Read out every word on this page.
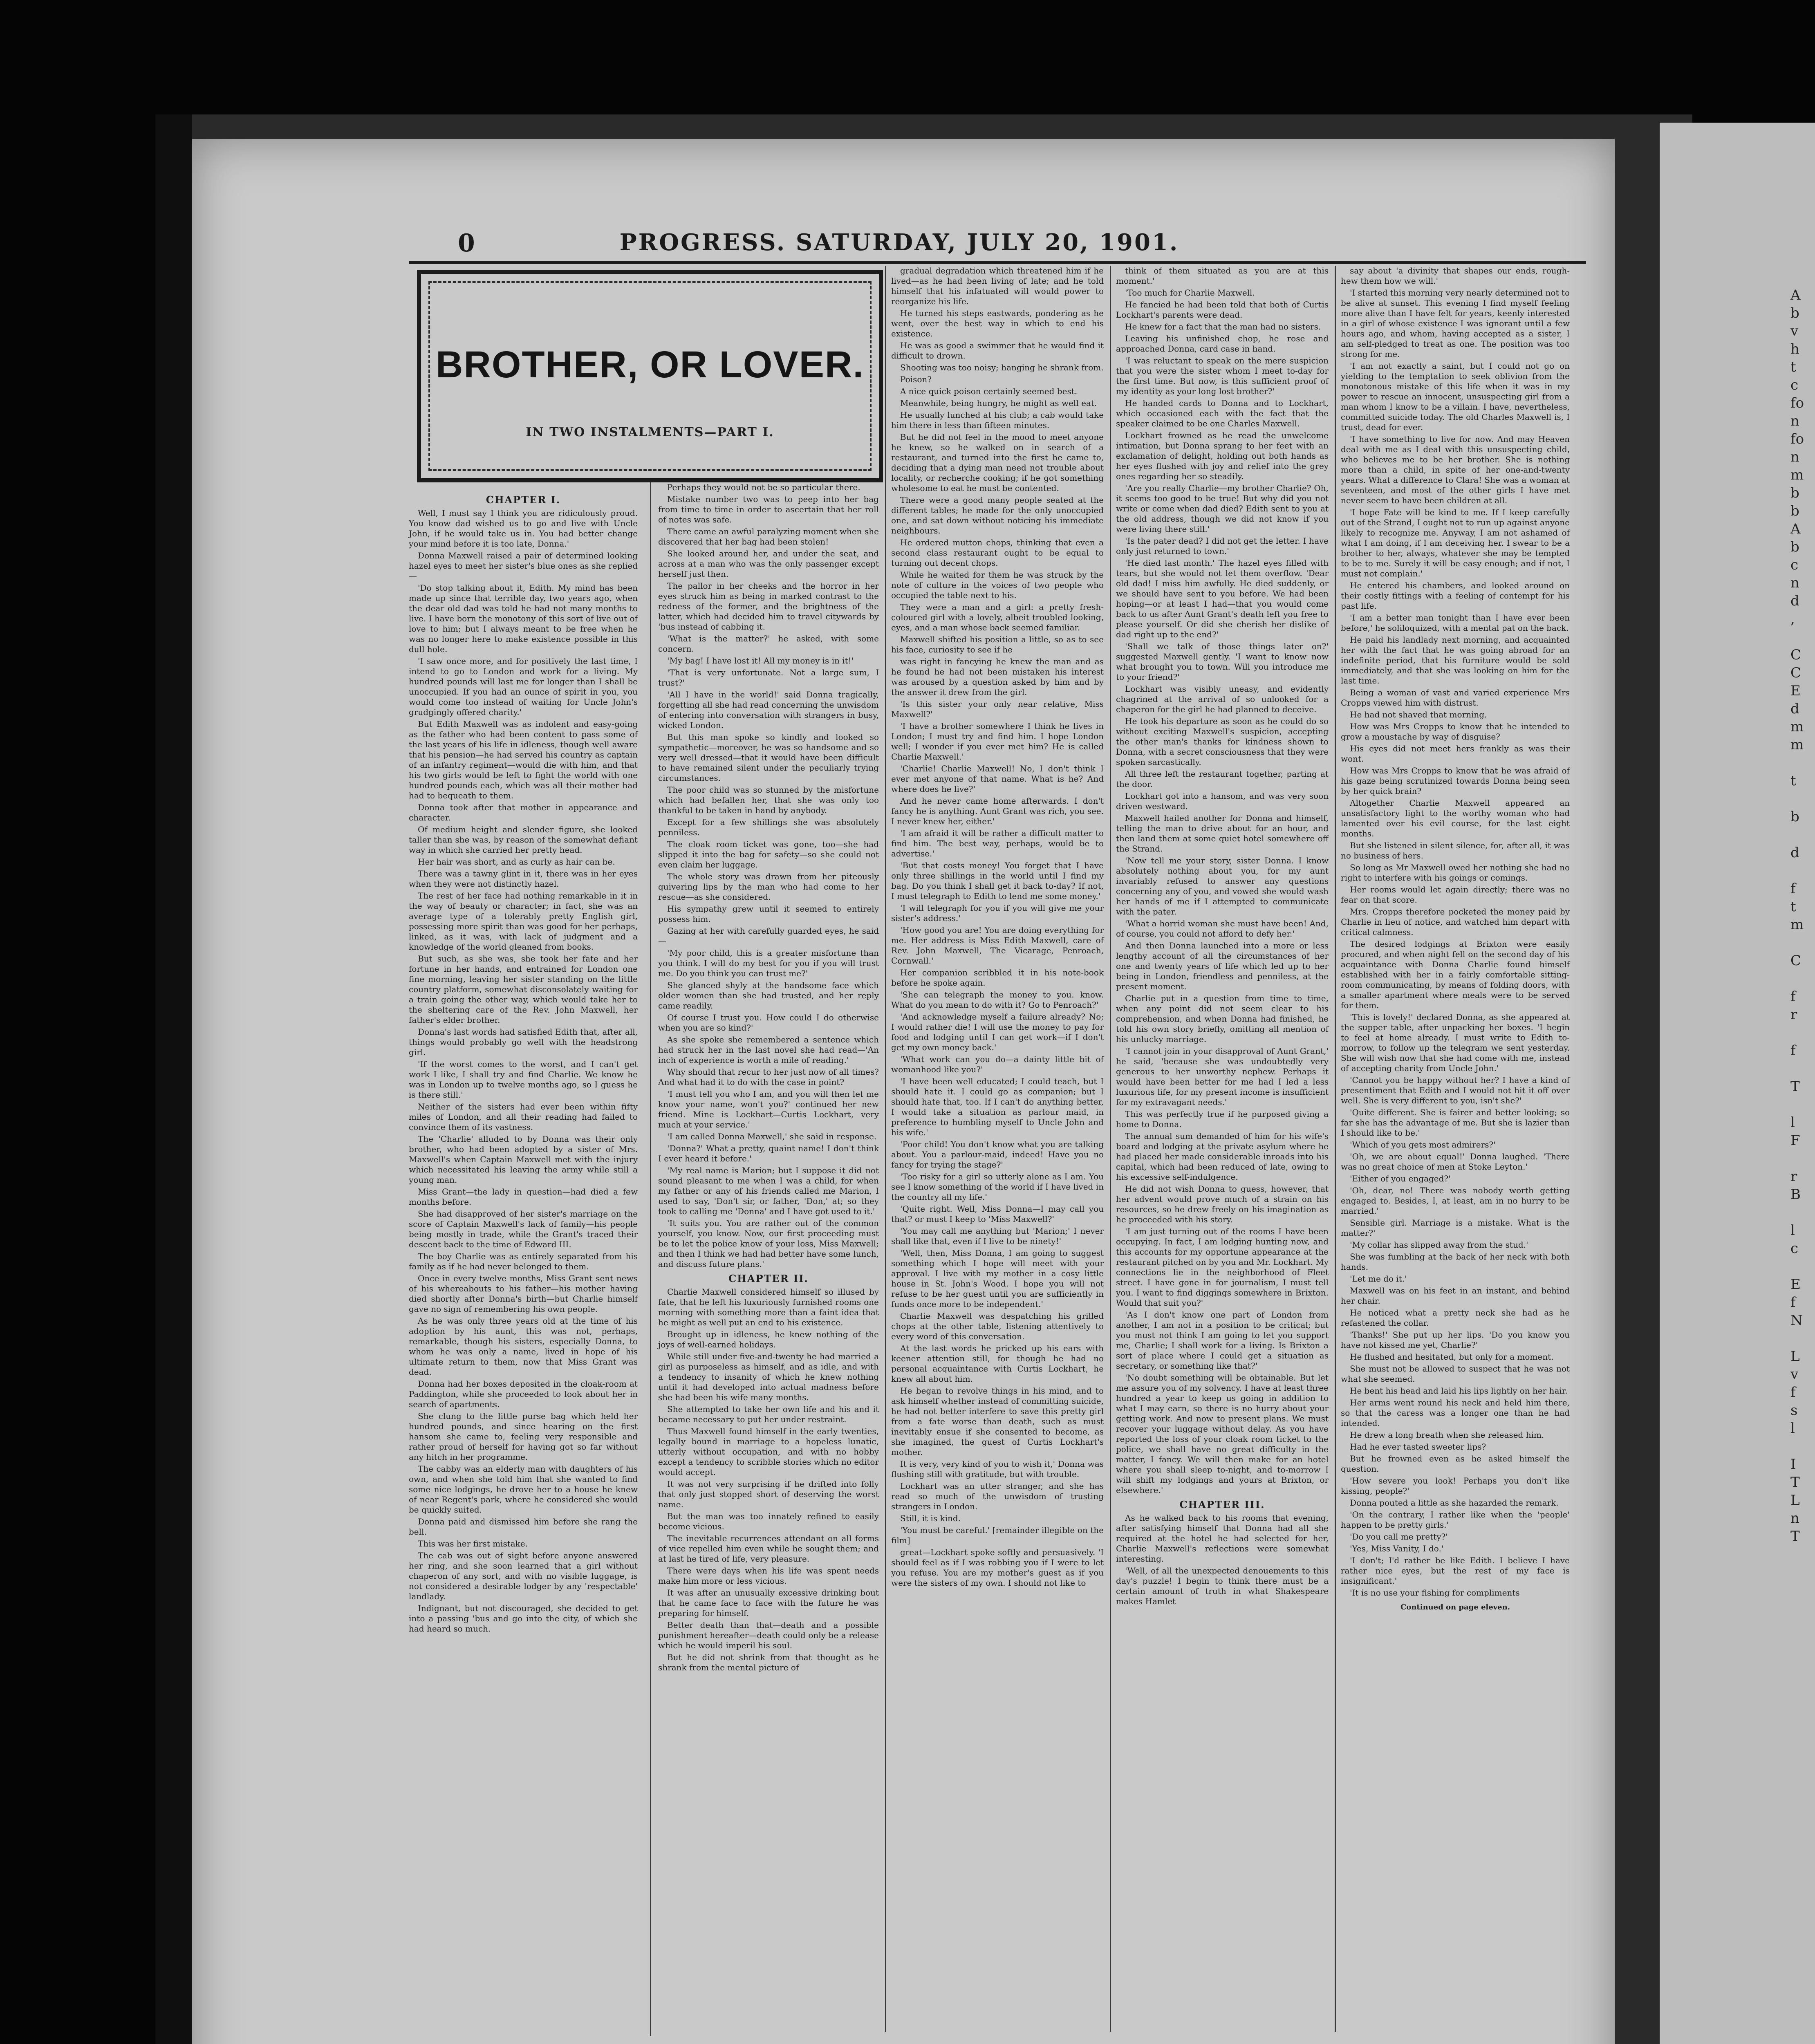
A
b
v
h
t
c
fo
n
fo
n
m
b
b
A
b
c
n
d
,

C
C
E
d
m
m

t

b

d

f
t
m

C

f
r

f

T

l
F

r
B

l
c

E
f
N

L
v
f
s
l

I
T
L
n
T
0	PROGRESS. SATURDAY, JULY 20, 1901.
BROTHER, OR LOVER.
IN TWO INSTALMENTS—PART I.
CHAPTER I.

Well, I must say I think you are ridiculously proud. You know dad wished us to go and live with Uncle John, if he would take us in. You had better change your mind before it is too late, Donna.'

Donna Maxwell raised a pair of determined looking hazel eyes to meet her sister's blue ones as she replied—

'Do stop talking about it, Edith. My mind has been made up since that terrible day, two years ago, when the dear old dad was told he had not many months to live. I have born the monotony of this sort of live out of love to him; but I always meant to be free when he was no longer here to make existence possible in this dull hole.

'I saw once more, and for positively the last time, I intend to go to London and work for a living. My hundred pounds will last me for longer than I shall be unoccupied. If you had an ounce of spirit in you, you would come too instead of waiting for Uncle John's grudgingly offered charity.'

But Edith Maxwell was as indolent and easy-going as the father who had been content to pass some of the last years of his life in idleness, though well aware that his pension—he had served his country as captain of an infantry regiment—would die with him, and that his two girls would be left to fight the world with one hundred pounds each, which was all their mother had had to bequeath to them.

Donna took after that mother in appearance and character.

Of medium height and slender figure, she looked taller than she was, by reason of the somewhat defiant way in which she carried her pretty head.

Her hair was short, and as curly as hair can be.

There was a tawny glint in it, there was in her eyes when they were not distinctly hazel.

The rest of her face had nothing remarkable in it in the way of beauty or character; in fact, she was an average type of a tolerably pretty English girl, possessing more spirit than was good for her perhaps, linked, as it was, with lack of judgment and a knowledge of the world gleaned from books.

But such, as she was, she took her fate and her fortune in her hands, and entrained for London one fine morning, leaving her sister standing on the little country platform, somewhat disconsolately waiting for a train going the other way, which would take her to the sheltering care of the Rev. John Maxwell, her father's elder brother.

Donna's last words had satisfied Edith that, after all, things would probably go well with the headstrong girl.

'If the worst comes to the worst, and I can't get work I like, I shall try and find Charlie. We know he was in London up to twelve months ago, so I guess he is there still.'

Neither of the sisters had ever been within fifty miles of London, and all their reading had failed to convince them of its vastness.

The 'Charlie' alluded to by Donna was their only brother, who had been adopted by a sister of Mrs. Maxwell's when Captain Maxwell met with the injury which necessitated his leaving the army while still a young man.

Miss Grant—the lady in question—had died a few months before.

She had disapproved of her sister's marriage on the score of Captain Maxwell's lack of family—his people being mostly in trade, while the Grant's traced their descent back to the time of Edward III.

The boy Charlie was as entirely separated from his family as if he had never belonged to them.

Once in every twelve months, Miss Grant sent news of his whereabouts to his father—his mother having died shortly after Donna's birth—but Charlie himself gave no sign of remembering his own people.

As he was only three years old at the time of his adoption by his aunt, this was not, perhaps, remarkable, though his sisters, especially Donna, to whom he was only a name, lived in hope of his ultimate return to them, now that Miss Grant was dead.

Donna had her boxes deposited in the cloak-room at Paddington, while she proceeded to look about her in search of apartments.

She clung to the little purse bag which held her hundred pounds, and since hearing on the first hansom she came to, feeling very responsible and rather proud of herself for having got so far without any hitch in her programme.

The cabby was an elderly man with daughters of his own, and when she told him that she wanted to find some nice lodgings, he drove her to a house he knew of near Regent's park, where he considered she would be quickly suited.

Donna paid and dismissed him before she rang the bell.

This was her first mistake.

The cab was out of sight before anyone answered her ring, and she soon learned that a girl without chaperon of any sort, and with no visible luggage, is not considered a desirable lodger by any 'respectable' landlady.

Indignant, but not discouraged, she decided to get into a passing 'bus and go into the city, of which she had heard so much.

Perhaps they would not be so particular there.

Mistake number two was to peep into her bag from time to time in order to ascertain that her roll of notes was safe.

There came an awful paralyzing moment when she discovered that her bag had been stolen!

She looked around her, and under the seat, and across at a man who was the only passenger except herself just then.

The pallor in her cheeks and the horror in her eyes struck him as being in marked contrast to the redness of the former, and the brightness of the latter, which had decided him to travel citywards by 'bus instead of cabbing it.

'What is the matter?' he asked, with some concern.

'My bag! I have lost it! All my money is in it!'

'That is very unfortunate. Not a large sum, I trust?'

'All I have in the world!' said Donna tragically, forgetting all she had read concerning the unwisdom of entering into conversation with strangers in busy, wicked London.

But this man spoke so kindly and looked so sympathetic—moreover, he was so handsome and so very well dressed—that it would have been difficult to have remained silent under the peculiarly trying circumstances.

The poor child was so stunned by the misfortune which had befallen her, that she was only too thankful to be taken in hand by anybody.

Except for a few shillings she was absolutely penniless.

The cloak room ticket was gone, too—she had slipped it into the bag for safety—so she could not even claim her luggage.

The whole story was drawn from her piteously quivering lips by the man who had come to her rescue—as she considered.

His sympathy grew until it seemed to entirely possess him.

Gazing at her with carefully guarded eyes, he said—

'My poor child, this is a greater misfortune than you think. I will do my best for you if you will trust me. Do you think you can trust me?'

She glanced shyly at the handsome face which older women than she had trusted, and her reply came readily.

Of course I trust you. How could I do otherwise when you are so kind?'

As she spoke she remembered a sentence which had struck her in the last novel she had read—'An inch of experience is worth a mile of reading.'

Why should that recur to her just now of all times? And what had it to do with the case in point?

'I must tell you who I am, and you will then let me know your name, won't you?' continued her new friend. Mine is Lockhart—Curtis Lockhart, very much at your service.'

'I am called Donna Maxwell,' she said in response.

'Donna?' What a pretty, quaint name! I don't think I ever heard it before.'

'My real name is Marion; but I suppose it did not sound pleasant to me when I was a child, for when my father or any of his friends called me Marion, I used to say, 'Don't sir, or father, 'Don,' at; so they took to calling me 'Donna' and I have got used to it.'

'It suits you. You are rather out of the common yourself, you know. Now, our first proceeding must be to let the police know of your loss, Miss Maxwell; and then I think we had had better have some lunch, and discuss future plans.'

CHAPTER II.

Charlie Maxwell considered himself so illused by fate, that he left his luxuriously furnished rooms one morning with something more than a faint idea that he might as well put an end to his existence.

Brought up in idleness, he knew nothing of the joys of well-earned holidays.

While still under five-and-twenty he had married a girl as purposeless as himself, and as idle, and with a tendency to insanity of which he knew nothing until it had developed into actual madness before she had been his wife many months.

She attempted to take her own life and his and it became necessary to put her under restraint.

Thus Maxwell found himself in the early twenties, legally bound in marriage to a hopeless lunatic, utterly without occupation, and with no hobby except a tendency to scribble stories which no editor would accept.

It was not very surprising if he drifted into folly that only just stopped short of deserving the worst name.

But the man was too innately refined to easily become vicious.

The inevitable recurrences attendant on all forms of vice repelled him even while he sought them; and at last he tired of life, very pleasure.

There were days when his life was spent needs make him more or less vicious.

It was after an unusually excessive drinking bout that he came face to face with the future he was preparing for himself.

Better death than that—death and a possible punishment hereafter—death could only be a release which he would imperil his soul.

But he did not shrink from that thought as he shrank from the mental picture of

gradual degradation which threatened him if he lived—as he had been living of late; and he told himself that his infatuated will would power to reorganize his life.

He turned his steps eastwards, pondering as he went, over the best way in which to end his existence.

He was as good a swimmer that he would find it difficult to drown.

Shooting was too noisy; hanging he shrank from.

Poison?

A nice quick poison certainly seemed best.

Meanwhile, being hungry, he might as well eat.

He usually lunched at his club; a cab would take him there in less than fifteen minutes.

But he did not feel in the mood to meet anyone he knew, so he walked on in search of a restaurant, and turned into the first he came to, deciding that a dying man need not trouble about locality, or recherche cooking; if he got something wholesome to eat he must be contented.

There were a good many people seated at the different tables; he made for the only unoccupied one, and sat down without noticing his immediate neighbours.

He ordered mutton chops, thinking that even a second class restaurant ought to be equal to turning out decent chops.

While he waited for them he was struck by the note of culture in the voices of two people who occupied the table next to his.

They were a man and a girl: a pretty fresh-coloured girl with a lovely, albeit troubled looking, eyes, and a man whose back seemed familiar.

Maxwell shifted his position a little, so as to see his face, curiosity to see if he

was right in fancying he knew the man and as he found he had not been mistaken his interest was aroused by a question asked by him and by the answer it drew from the girl.

'Is this sister your only near relative, Miss Maxwell?'

'I have a brother somewhere I think he lives in London; I must try and find him. I hope London well; I wonder if you ever met him? He is called Charlie Maxwell.'

'Charlie! Charlie Maxwell! No, I don't think I ever met anyone of that name. What is he? And where does he live?'

And he never came home afterwards. I don't fancy he is anything. Aunt Grant was rich, you see. I never knew her, either.'

'I am afraid it will be rather a difficult matter to find him. The best way, perhaps, would be to advertise.'

'But that costs money! You forget that I have only three shillings in the world until I find my bag. Do you think I shall get it back to-day? If not, I must telegraph to Edith to lend me some money.'

'I will telegraph for you if you will give me your sister's address.'

'How good you are! You are doing everything for me. Her address is Miss Edith Maxwell, care of Rev. John Maxwell, The Vicarage, Penroach, Cornwall.'

Her companion scribbled it in his note-book before he spoke again.

'She can telegraph the money to you. know. What do you mean to do with it? Go to Penroach?'

'And acknowledge myself a failure already? No; I would rather die! I will use the money to pay for food and lodging until I can get work—if I don't get my own money back.'

'What work can you do—a dainty little bit of womanhood like you?'

'I have been well educated; I could teach, but I should hate it. I could go as companion; but I should hate that, too. If I can't do anything better, I would take a situation as parlour maid, in preference to humbling myself to Uncle John and his wife.'

'Poor child! You don't know what you are talking about. You a parlour-maid, indeed! Have you no fancy for trying the stage?'

'Too risky for a girl so utterly alone as I am. You see I know something of the world if I have lived in the country all my life.'

'Quite right. Well, Miss Donna—I may call you that? or must I keep to 'Miss Maxwell?'

'You may call me anything but 'Marion;' I never shall like that, even if I live to be ninety!'

'Well, then, Miss Donna, I am going to suggest something which I hope will meet with your approval. I live with my mother in a cosy little house in St. John's Wood. I hope you will not refuse to be her guest until you are sufficiently in funds once more to be independent.'

Charlie Maxwell was despatching his grilled chops at the other table, listening attentively to every word of this conversation.

At the last words he pricked up his ears with keener attention still, for though he had no personal acquaintance with Curtis Lockhart, he knew all about him.

He began to revolve things in his mind, and to ask himself whether instead of committing suicide, he had not better interfere to save this pretty girl from a fate worse than death, such as must inevitably ensue if she consented to become, as she imagined, the guest of Curtis Lockhart's mother.

It is very, very kind of you to wish it,' Donna was flushing still with gratitude, but with trouble.

Lockhart was an utter stranger, and she has read so much of the unwisdom of trusting strangers in London.

Still, it is kind.

'You must be careful.' [remainder illegible on the film]

great—Lockhart spoke softly and persuasively. 'I should feel as if I was robbing you if I were to let you refuse. You are my mother's guest as if you were the sisters of my own. I should not like to

think of them situated as you are at this moment.'

'Too much for Charlie Maxwell.

He fancied he had been told that both of Curtis Lockhart's parents were dead.

He knew for a fact that the man had no sisters.

Leaving his unfinished chop, he rose and approached Donna, card case in hand.

'I was reluctant to speak on the mere suspicion that you were the sister whom I meet to-day for the first time. But now, is this sufficient proof of my identity as your long lost brother?'

He handed cards to Donna and to Lockhart, which occasioned each with the fact that the speaker claimed to be one Charles Maxwell.

Lockhart frowned as he read the unwelcome intimation, but Donna sprang to her feet with an exclamation of delight, holding out both hands as her eyes flushed with joy and relief into the grey ones regarding her so steadily.

'Are you really Charlie—my brother Charlie? Oh, it seems too good to be true! But why did you not write or come when dad died? Edith sent to you at the old address, though we did not know if you were living there still.'

'Is the pater dead? I did not get the letter. I have only just returned to town.'

'He died last month.' The hazel eyes filled with tears, but she would not let them overflow. 'Dear old dad! I miss him awfully. He died suddenly, or we should have sent to you before. We had been hoping—or at least I had—that you would come back to us after Aunt Grant's death left you free to please yourself. Or did she cherish her dislike of dad right up to the end?'

'Shall we talk of those things later on?' suggested Maxwell gently. 'I want to know now what brought you to town. Will you introduce me to your friend?'

Lockhart was visibly uneasy, and evidently chagrined at the arrival of so unlooked for a chaperon for the girl he had planned to deceive.

He took his departure as soon as he could do so without exciting Maxwell's suspicion, accepting the other man's thanks for kindness shown to Donna, with a secret consciousness that they were spoken sarcastically.

All three left the restaurant together, parting at the door.

Lockhart got into a hansom, and was very soon driven westward.

Maxwell hailed another for Donna and himself, telling the man to drive about for an hour, and then land them at some quiet hotel somewhere off the Strand.

'Now tell me your story, sister Donna. I know absolutely nothing about you, for my aunt invariably refused to answer any questions concerning any of you, and vowed she would wash her hands of me if I attempted to communicate with the pater.

'What a horrid woman she must have been! And, of course, you could not afford to defy her.'

And then Donna launched into a more or less lengthy account of all the circumstances of her one and twenty years of life which led up to her being in London, friendless and penniless, at the present moment.

Charlie put in a question from time to time, when any point did not seem clear to his comprehension, and when Donna had finished, he told his own story briefly, omitting all mention of his unlucky marriage.

'I cannot join in your disapproval of Aunt Grant,' he said, 'because she was undoubtedly very generous to her unworthy nephew. Perhaps it would have been better for me had I led a less luxurious life, for my present income is insufficient for my extravagant needs.'

This was perfectly true if he purposed giving a home to Donna.

The annual sum demanded of him for his wife's board and lodging at the private asylum where he had placed her made considerable inroads into his capital, which had been reduced of late, owing to his excessive self-indulgence.

He did not wish Donna to guess, however, that her advent would prove much of a strain on his resources, so he drew freely on his imagination as he proceeded with his story.

'I am just turning out of the rooms I have been occupying. In fact, I am lodging hunting now, and this accounts for my opportune appearance at the restaurant pitched on by you and Mr. Lockhart. My connections lie in the neighborhood of Fleet street. I have gone in for journalism, I must tell you. I want to find diggings somewhere in Brixton. Would that suit you?'

'As I don't know one part of London from another, I am not in a position to be critical; but you must not think I am going to let you support me, Charlie; I shall work for a living. Is Brixton a sort of place where I could get a situation as secretary, or something like that?'

'No doubt something will be obtainable. But let me assure you of my solvency. I have at least three hundred a year to keep us going in addition to what I may earn, so there is no hurry about your getting work. And now to present plans. We must recover your luggage without delay. As you have reported the loss of your cloak room ticket to the police, we shall have no great difficulty in the matter, I fancy. We will then make for an hotel where you shall sleep to-night, and to-morrow I will shift my lodgings and yours at Brixton, or elsewhere.'

CHAPTER III.

As he walked back to his rooms that evening, after satisfying himself that Donna had all she required at the hotel he had selected for her, Charlie Maxwell's reflections were somewhat interesting.

'Well, of all the unexpected denouements to this day's puzzle! I begin to think there must be a certain amount of truth in what Shakespeare makes Hamlet

say about 'a divinity that shapes our ends, rough-hew them how we will.'

'I started this morning very nearly determined not to be alive at sunset. This evening I find myself feeling more alive than I have felt for years, keenly interested in a girl of whose existence I was ignorant until a few hours ago, and whom, having accepted as a sister, I am self-pledged to treat as one. The position was too strong for me.

'I am not exactly a saint, but I could not go on yielding to the temptation to seek oblivion from the monotonous mistake of this life when it was in my power to rescue an innocent, unsuspecting girl from a man whom I know to be a villain. I have, nevertheless, committed suicide today. The old Charles Maxwell is, I trust, dead for ever.

'I have something to live for now. And may Heaven deal with me as I deal with this unsuspecting child, who believes me to be her brother. She is nothing more than a child, in spite of her one-and-twenty years. What a difference to Clara! She was a woman at seventeen, and most of the other girls I have met never seem to have been children at all.

'I hope Fate will be kind to me. If I keep carefully out of the Strand, I ought not to run up against anyone likely to recognize me. Anyway, I am not ashamed of what I am doing, if I am deceiving her. I swear to be a brother to her, always, whatever she may be tempted to be to me. Surely it will be easy enough; and if not, I must not complain.'

He entered his chambers, and looked around on their costly fittings with a feeling of contempt for his past life.

'I am a better man tonight than I have ever been before,' he soliloquized, with a mental pat on the back.

He paid his landlady next morning, and acquainted her with the fact that he was going abroad for an indefinite period, that his furniture would be sold immediately, and that she was looking on him for the last time.

Being a woman of vast and varied experience Mrs Cropps viewed him with distrust.

He had not shaved that morning.

How was Mrs Cropps to know that he intended to grow a moustache by way of disguise?

His eyes did not meet hers frankly as was their wont.

How was Mrs Cropps to know that he was afraid of his gaze being scrutinized towards Donna being seen by her quick brain?

Altogether Charlie Maxwell appeared an unsatisfactory light to the worthy woman who had lamented over his evil course, for the last eight months.

But she listened in silent silence, for, after all, it was no business of hers.

So long as Mr Maxwell owed her nothing she had no right to interfere with his goings or comings.

Her rooms would let again directly; there was no fear on that score.

Mrs. Cropps therefore pocketed the money paid by Charlie in lieu of notice, and watched him depart with critical calmness.

The desired lodgings at Brixton were easily procured, and when night fell on the second day of his acquaintance with Donna Charlie found himself established with her in a fairly comfortable sitting-room communicating, by means of folding doors, with a smaller apartment where meals were to be served for them.

'This is lovely!' declared Donna, as she appeared at the supper table, after unpacking her boxes. 'I begin to feel at home already. I must write to Edith to-morrow, to follow up the telegram we sent yesterday. She will wish now that she had come with me, instead of accepting charity from Uncle John.'

'Cannot you be happy without her? I have a kind of presentiment that Edith and I would not hit it off over well. She is very different to you, isn't she?'

'Quite different. She is fairer and better looking; so far she has the advantage of me. But she is lazier than I should like to be.'

'Which of you gets most admirers?'

'Oh, we are about equal!' Donna laughed. 'There was no great choice of men at Stoke Leyton.'

'Either of you engaged?'

'Oh, dear, no! There was nobody worth getting engaged to. Besides, I, at least, am in no hurry to be married.'

Sensible girl. Marriage is a mistake. What is the matter?'

'My collar has slipped away from the stud.'

She was fumbling at the back of her neck with both hands.

'Let me do it.'

Maxwell was on his feet in an instant, and behind her chair.

He noticed what a pretty neck she had as he refastened the collar.

'Thanks!' She put up her lips. 'Do you know you have not kissed me yet, Charlie?'

He flushed and hesitated, but only for a moment.

She must not be allowed to suspect that he was not what she seemed.

He bent his head and laid his lips lightly on her hair.

Her arms went round his neck and held him there, so that the caress was a longer one than he had intended.

He drew a long breath when she released him.

Had he ever tasted sweeter lips?

But he frowned even as he asked himself the question.

'How severe you look! Perhaps you don't like kissing, people?'

Donna pouted a little as she hazarded the remark.

'On the contrary, I rather like when the 'people' happen to be pretty girls.'

'Do you call me pretty?'

'Yes, Miss Vanity, I do.'

'I don't; I'd rather be like Edith. I believe I have rather nice eyes, but the rest of my face is insignificant.'

'It is no use your fishing for compliments

Continued on page eleven.
